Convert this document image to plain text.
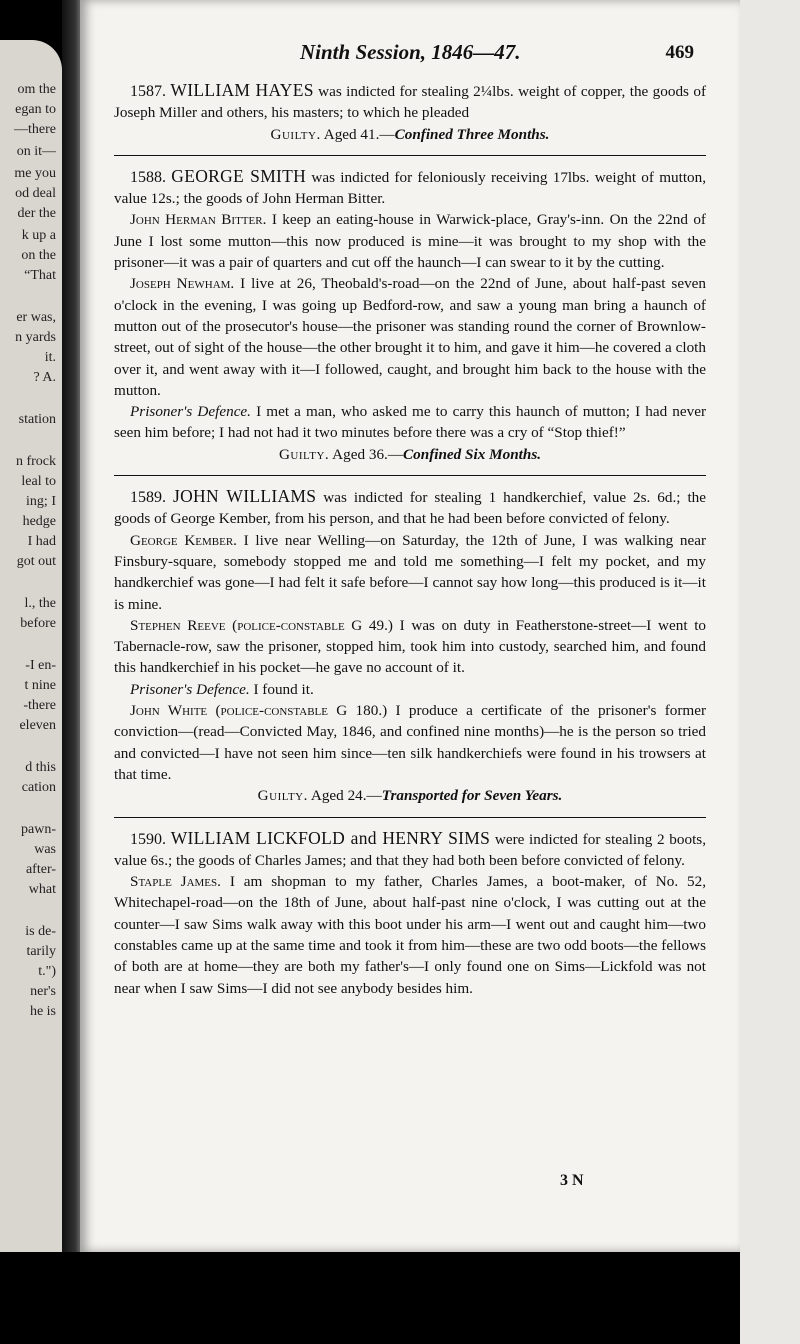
om the
egan to
—there
on it—
me you
od deal
der the
k up a
on the
“That
er was,
n yards
it.
? A.
station
n frock
leal to
ing; I
hedge
I had
got out
l., the
before
-I en-
t nine
-there
eleven
d this
cation
pawn-
was
after-
what
is de-
tarily
t.")
ner's
he is
Ninth Session, 1846—47.	469

1587. WILLIAM HAYES was indicted for stealing 2¼lbs. weight of copper, the goods of Joseph Miller and others, his masters; to which he pleaded

Guilty. Aged 41.—Confined Three Months.

1588. GEORGE SMITH was indicted for feloniously receiving 17lbs. weight of mutton, value 12s.; the goods of John Herman Bitter.

John Herman Bitter. I keep an eating-house in Warwick-place, Gray's-inn. On the 22nd of June I lost some mutton—this now produced is mine—it was brought to my shop with the prisoner—it was a pair of quarters and cut off the haunch—I can swear to it by the cutting.

Joseph Newham. I live at 26, Theobald's-road—on the 22nd of June, about half-past seven o'clock in the evening, I was going up Bedford-row, and saw a young man bring a haunch of mutton out of the prosecutor's house—the prisoner was standing round the corner of Brownlow-street, out of sight of the house—the other brought it to him, and gave it him—he covered a cloth over it, and went away with it—I followed, caught, and brought him back to the house with the mutton.

Prisoner's Defence. I met a man, who asked me to carry this haunch of mutton; I had never seen him before; I had not had it two minutes before there was a cry of “Stop thief!”

Guilty. Aged 36.—Confined Six Months.

1589. JOHN WILLIAMS was indicted for stealing 1 handkerchief, value 2s. 6d.; the goods of George Kember, from his person, and that he had been before convicted of felony.

George Kember. I live near Welling—on Saturday, the 12th of June, I was walking near Finsbury-square, somebody stopped me and told me something—I felt my pocket, and my handkerchief was gone—I had felt it safe before—I cannot say how long—this produced is it—it is mine.

Stephen Reeve (police-constable G 49.) I was on duty in Featherstone-street—I went to Tabernacle-row, saw the prisoner, stopped him, took him into custody, searched him, and found this handkerchief in his pocket—he gave no account of it.

Prisoner's Defence. I found it.

John White (police-constable G 180.) I produce a certificate of the prisoner's former conviction—(read—Convicted May, 1846, and confined nine months)—he is the person so tried and convicted—I have not seen him since—ten silk handkerchiefs were found in his trowsers at that time.

Guilty. Aged 24.—Transported for Seven Years.

1590. WILLIAM LICKFOLD and HENRY SIMS were indicted for stealing 2 boots, value 6s.; the goods of Charles James; and that they had both been before convicted of felony.

Staple James. I am shopman to my father, Charles James, a boot-maker, of No. 52, Whitechapel-road—on the 18th of June, about half-past nine o'clock, I was cutting out at the counter—I saw Sims walk away with this boot under his arm—I went out and caught him—two constables came up at the same time and took it from him—these are two odd boots—the fellows of both are at home—they are both my father's—I only found one on Sims—Lickfold was not near when I saw Sims—I did not see anybody besides him.

3 N
